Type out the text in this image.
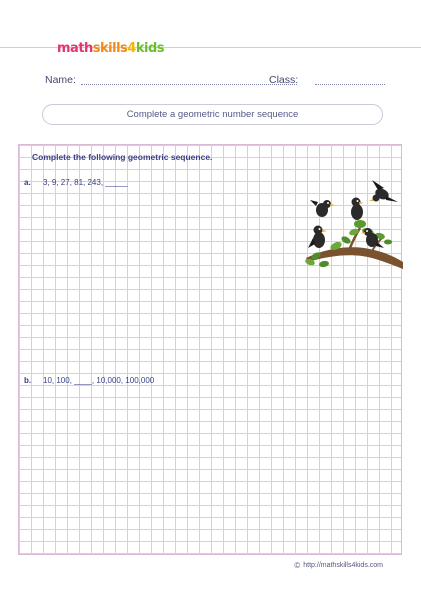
math skills 4 kids
Name:	Class:
Complete a geometric number sequence
Complete the following geometric sequence.
a. 3, 9, 27, 81, 243, _____
b. 10, 100, ____, 10,000, 100,000
© http://mathskills4kids.com
